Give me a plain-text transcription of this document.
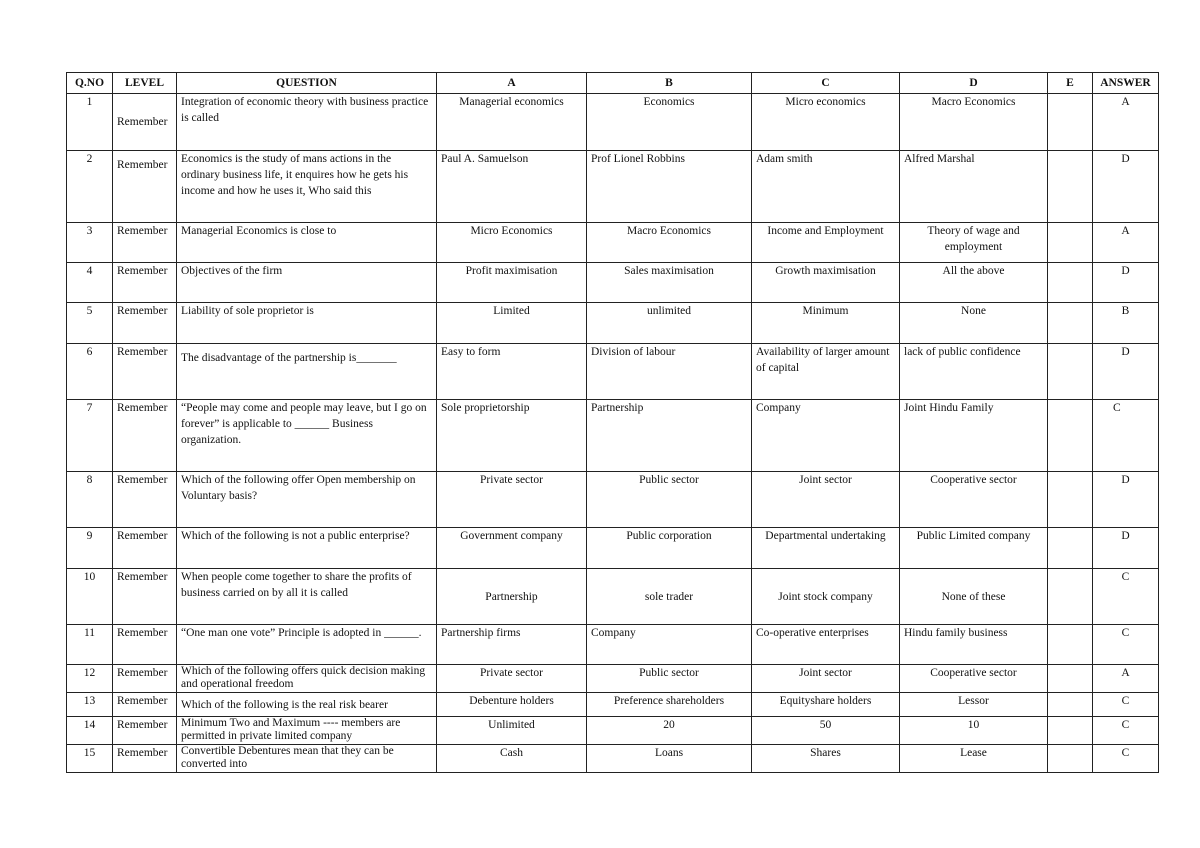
Q.NO	LEVEL	QUESTION	A	B	C	D	E	ANSWER
1	Remember	Integration of economic theory with business practice is called	Managerial economics	Economics	Micro economics	Macro Economics		A
2	Remember	Economics is the study of mans actions in the ordinary business life, it enquires how he gets his income and how he uses it, Who said this	Paul A. Samuelson	Prof Lionel Robbins	Adam smith	Alfred Marshal		D
3	Remember	Managerial Economics is close to	Micro Economics	Macro Economics	Income and Employment	Theory of wage and employment		A
4	Remember	Objectives of the firm	Profit maximisation	Sales maximisation	Growth maximisation	All the above		D
5	Remember	Liability of sole proprietor is	Limited	unlimited	Minimum	None		B
6	Remember	The disadvantage of the partnership is_______	Easy to form	Division of labour	Availability of larger amount of capital	lack of public confidence		D
7	Remember	“People may come and people may leave, but I go on forever” is applicable to ______ Business organization.	Sole proprietorship	Partnership	Company	Joint Hindu Family		C
8	Remember	Which of the following offer Open membership on Voluntary basis?	Private sector	Public sector	Joint sector	Cooperative sector		D
9	Remember	Which of the following is not a public enterprise?	Government company	Public corporation	Departmental undertaking	Public Limited company		D
10	Remember	When people come together to share the profits of business carried on by all it is called	Partnership	sole trader	Joint stock company	None of these		C
11	Remember	“One man one vote” Principle is adopted in ______.	Partnership firms	Company	Co-operative enterprises	Hindu family business		C
12	Remember	Which of the following offers quick decision making and operational freedom	Private sector	Public sector	Joint sector	Cooperative sector		A
13	Remember	Which of the following is the real risk bearer	Debenture holders	Preference shareholders	Equityshare holders	Lessor		C
14	Remember	Minimum Two and Maximum ---- members are permitted in private limited company	Unlimited	20	50	10		C
15	Remember	Convertible Debentures mean that they can be converted into	Cash	Loans	Shares	Lease		C
